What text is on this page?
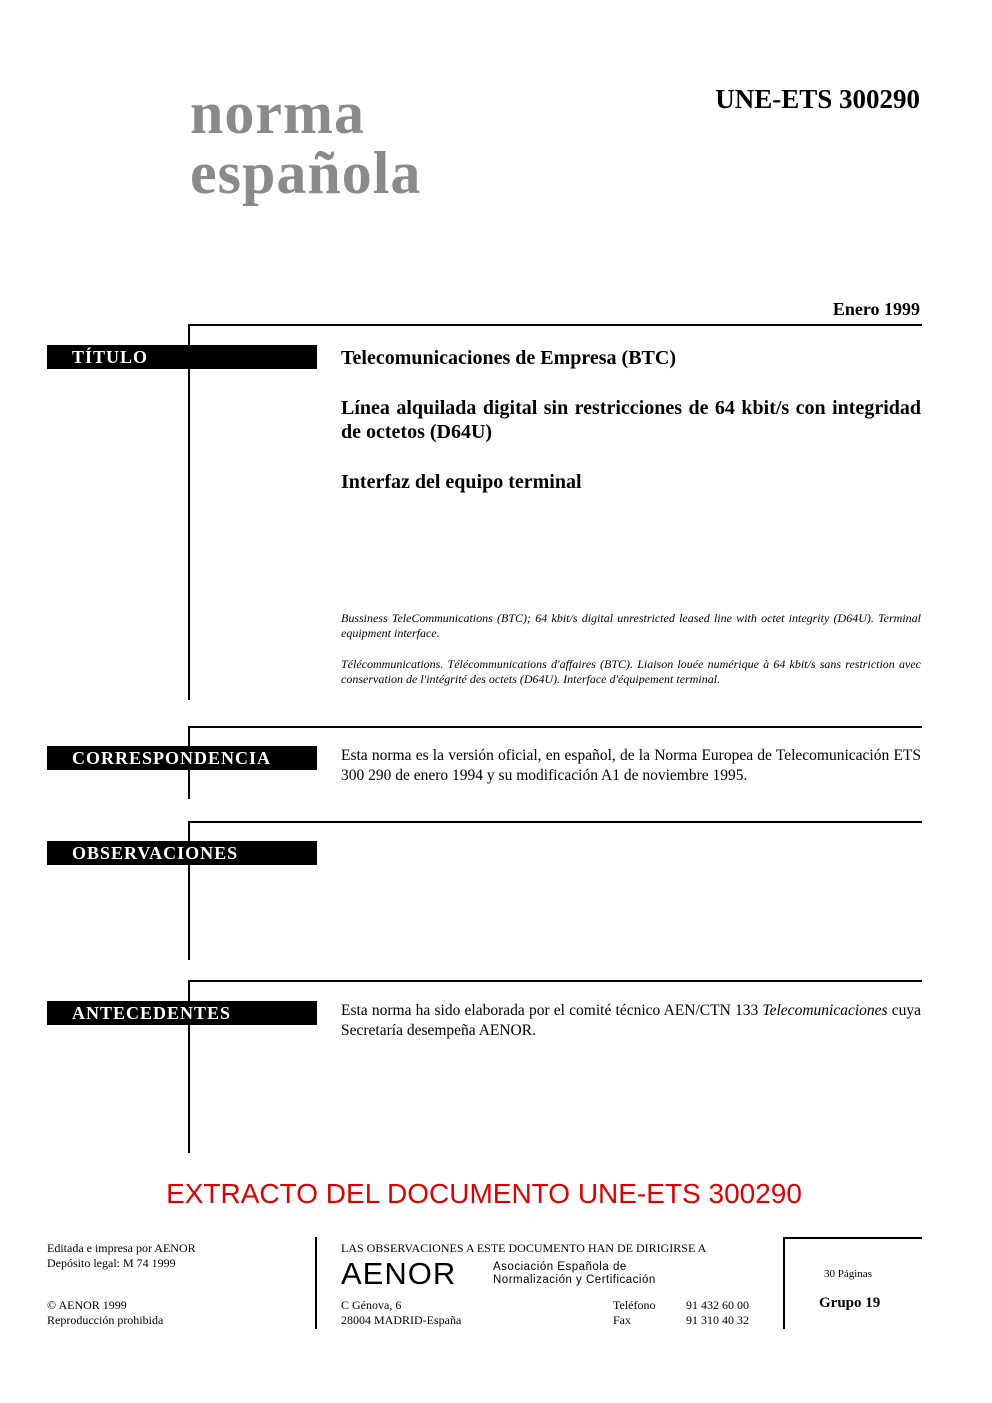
norma
española
UNE-ETS 300290
Enero 1999
TÍTULO	Telecomunicaciones de Empresa (BTC)
Línea alquilada digital sin restricciones de 64 kbit/s con integridad de octetos (D64U)
Interfaz del equipo terminal
Bussiness TeleCommunications (BTC); 64 kbit/s digital unrestricted leased line with octet integrity (D64U). Terminal equipment interface.
Télécommunications. Télécommunications d'affaires (BTC). Liaison louée numérique à 64 kbit/s sans restriction avec conservation de l'intégrité des octets (D64U). Interface d'équipement terminal.
CORRESPONDENCIA	Esta norma es la versión oficial, en español, de la Norma Europea de Telecomunicación ETS 300 290 de enero 1994 y su modificación A1 de noviembre 1995.
OBSERVACIONES
ANTECEDENTES	Esta norma ha sido elaborada por el comité técnico AEN/CTN 133 Telecomunicaciones cuya Secretaría desempeña AENOR.
EXTRACTO DEL DOCUMENTO UNE-ETS 300290
Editada e impresa por AENOR
Depósito legal: M 74 1999
© AENOR 1999
Reproducción prohibida
LAS OBSERVACIONES A ESTE DOCUMENTO HAN DE DIRIGIRSE A
AENOR	Asociación Española de
Normalización y Certificación
C Génova, 6
28004 MADRID-España
Teléfono	91 432 60 00
Fax	91 310 40 32
30 Páginas
Grupo 19
